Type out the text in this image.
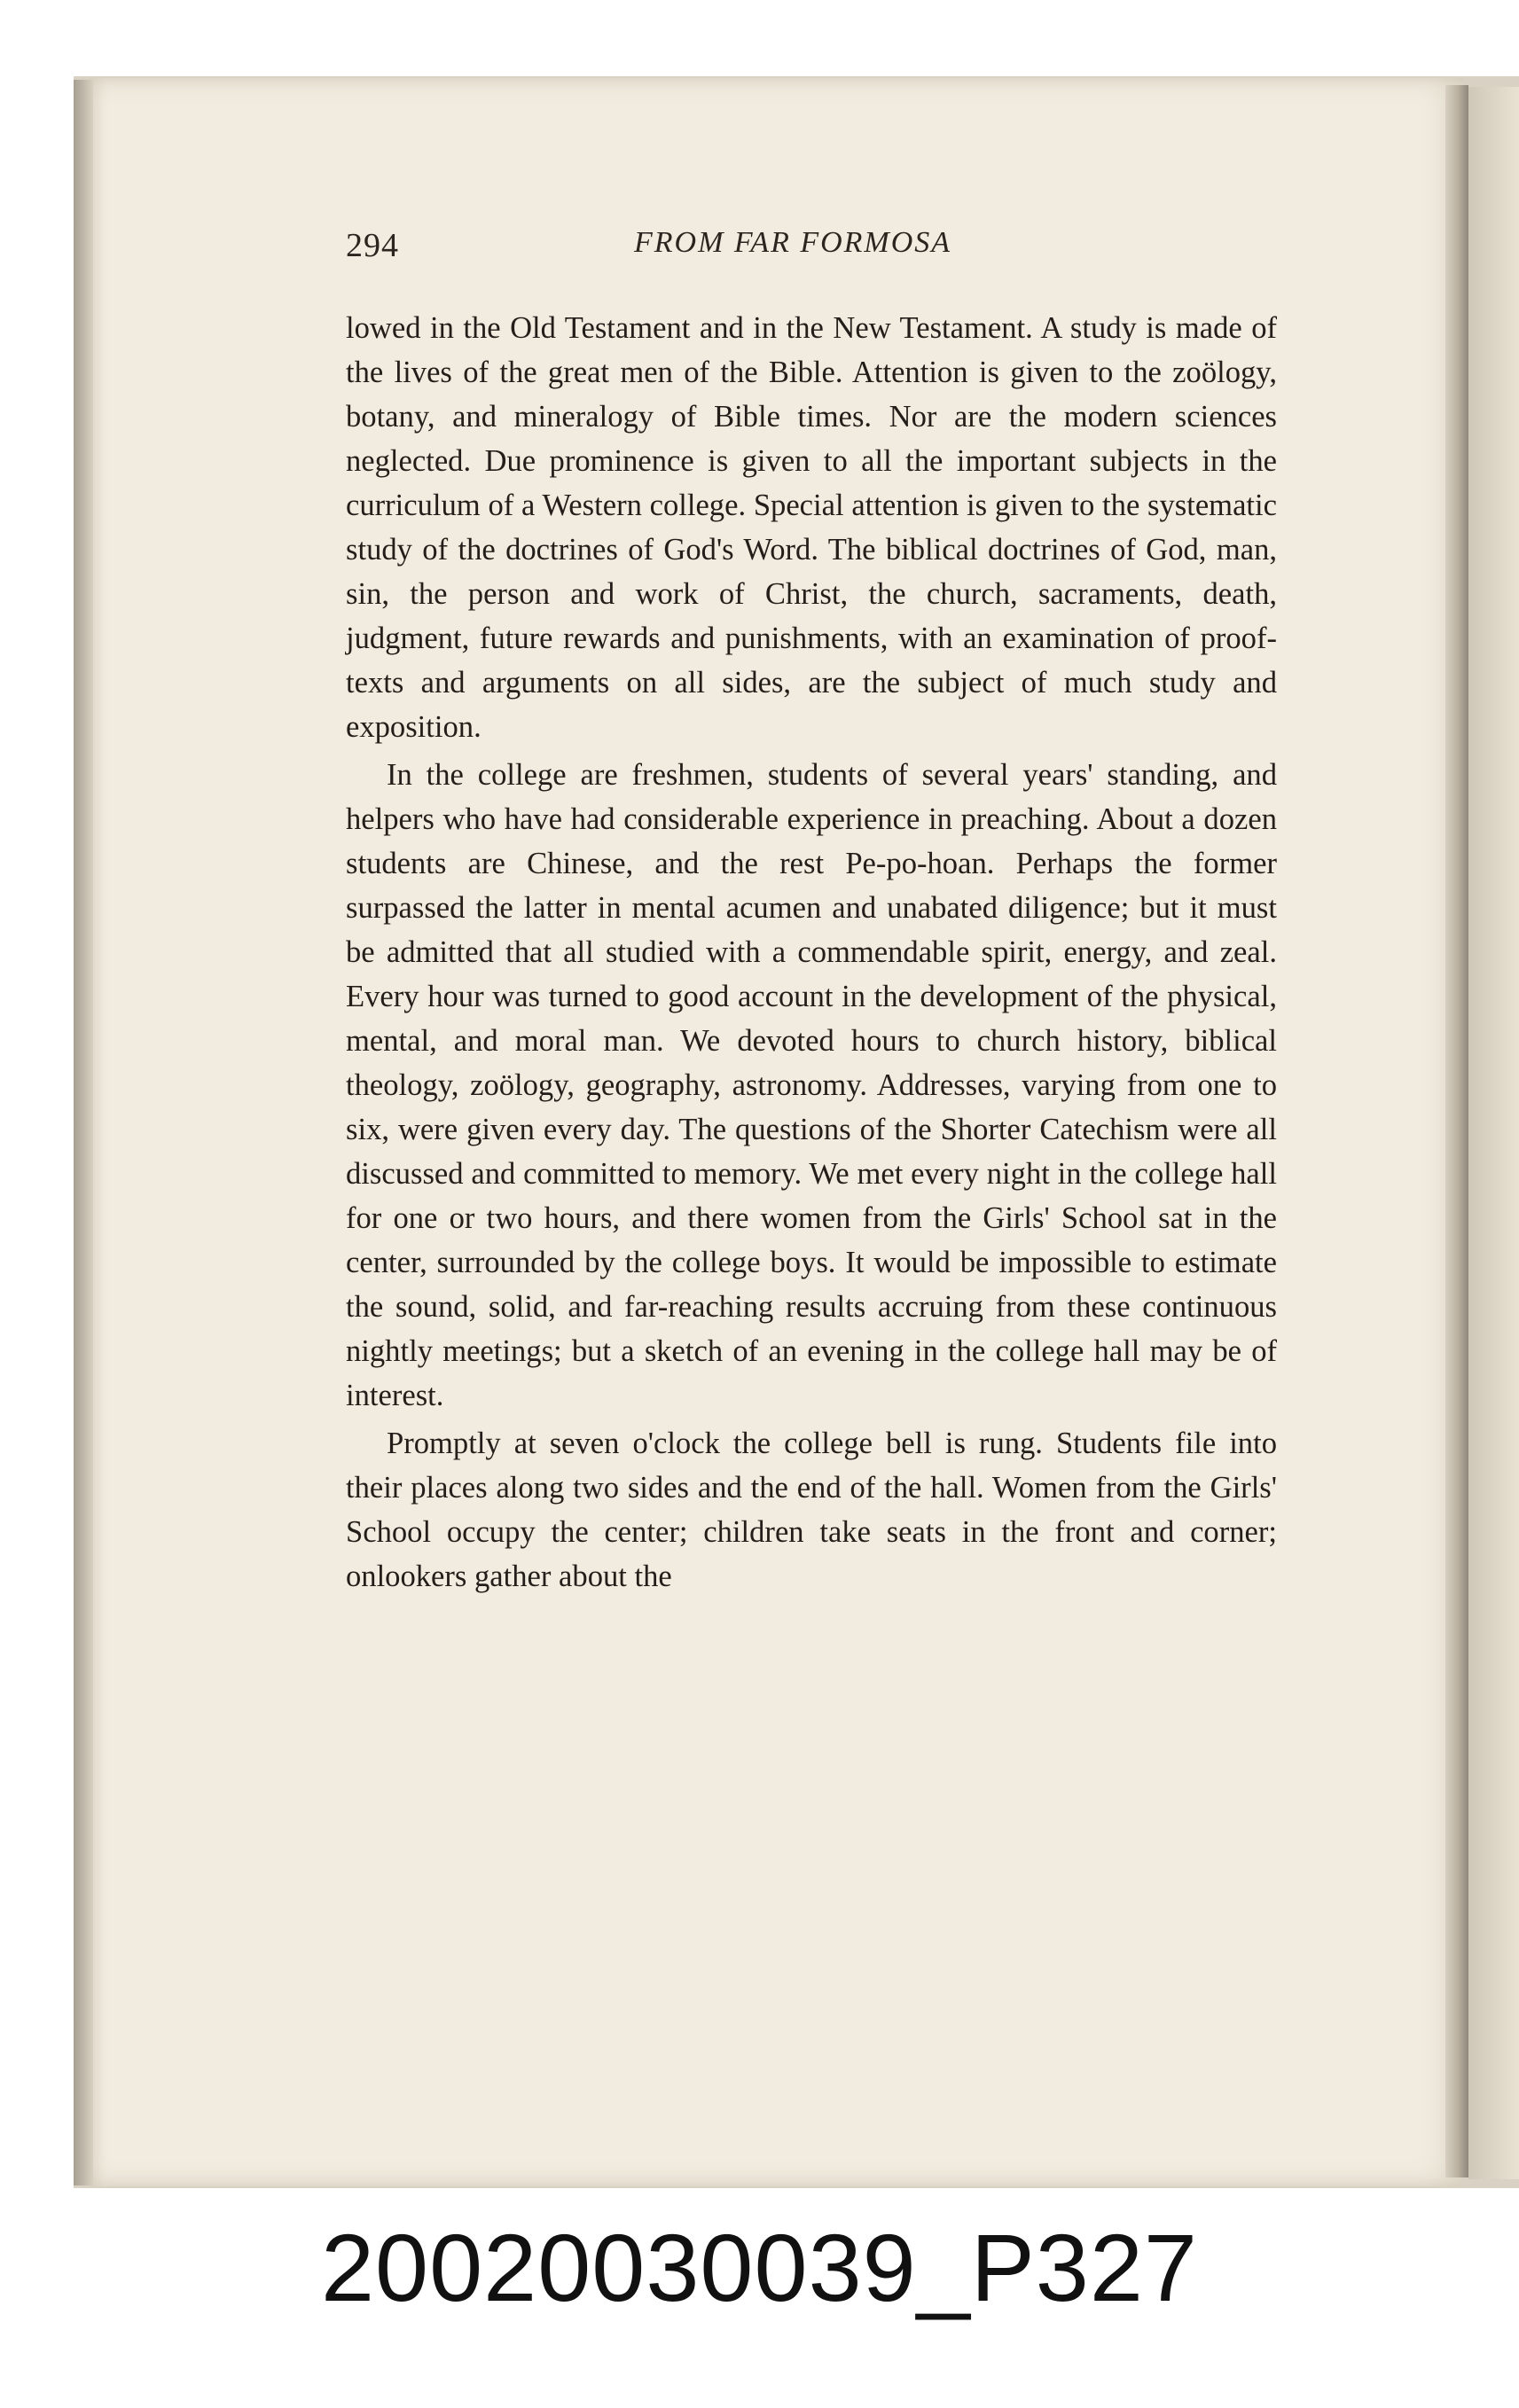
294	FROM FAR FORMOSA

lowed in the Old Testament and in the New Testament. A study is made of the lives of the great men of the Bible. Attention is given to the zoölogy, botany, and mineralogy of Bible times. Nor are the modern sciences neglected. Due prominence is given to all the important subjects in the curriculum of a Western college. Special attention is given to the systematic study of the doctrines of God's Word. The biblical doctrines of God, man, sin, the person and work of Christ, the church, sacraments, death, judgment, future rewards and punishments, with an examination of proof-texts and arguments on all sides, are the subject of much study and exposition.

In the college are freshmen, students of several years' standing, and helpers who have had considerable experience in preaching. About a dozen students are Chinese, and the rest Pe-po-hoan. Perhaps the former surpassed the latter in mental acumen and unabated diligence; but it must be admitted that all studied with a commendable spirit, energy, and zeal. Every hour was turned to good account in the development of the physical, mental, and moral man. We devoted hours to church history, biblical theology, zoölogy, geography, astronomy. Addresses, varying from one to six, were given every day. The questions of the Shorter Catechism were all discussed and committed to memory. We met every night in the college hall for one or two hours, and there women from the Girls' School sat in the center, surrounded by the college boys. It would be impossible to estimate the sound, solid, and far-reaching results accruing from these continuous nightly meetings; but a sketch of an evening in the college hall may be of interest.

Promptly at seven o'clock the college bell is rung. Students file into their places along two sides and the end of the hall. Women from the Girls' School occupy the center; children take seats in the front and corner; onlookers gather about the

20020030039_P327
